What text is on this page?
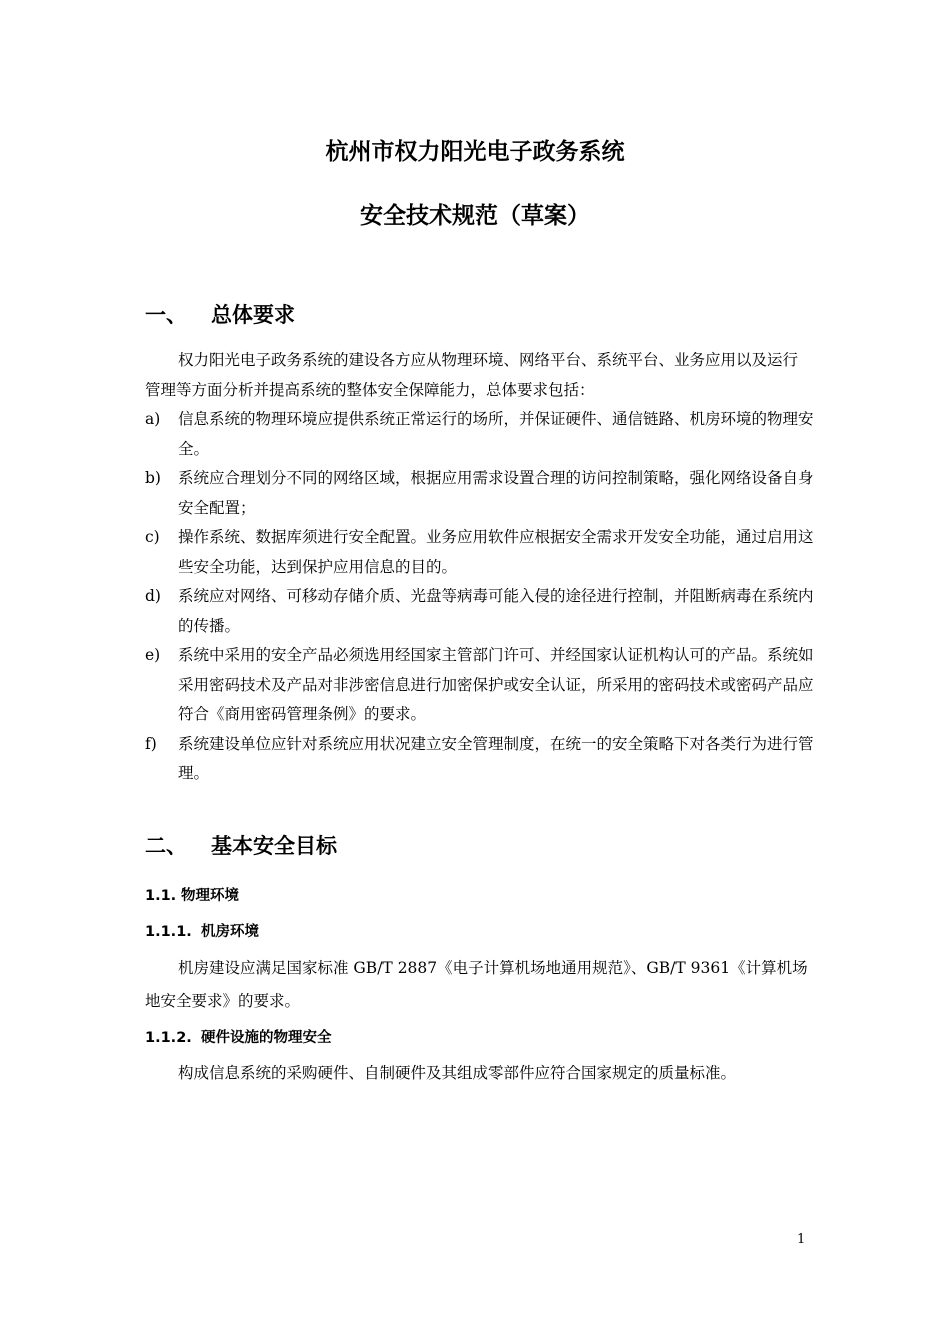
杭州市权力阳光电子政务系统
安全技术规范（草案）
一、 总体要求

权力阳光电子政务系统的建设各方应从物理环境、网络平台、系统平台、业务应用以及运行管理等方面分析并提高系统的整体安全保障能力，总体要求包括：

a) 信息系统的物理环境应提供系统正常运行的场所，并保证硬件、通信链路、机房环境的物理安全。
b) 系统应合理划分不同的网络区域，根据应用需求设置合理的访问控制策略，强化网络设备自身安全配置；
c) 操作系统、数据库须进行安全配置。业务应用软件应根据安全需求开发安全功能，通过启用这些安全功能，达到保护应用信息的目的。
d) 系统应对网络、可移动存储介质、光盘等病毒可能入侵的途径进行控制，并阻断病毒在系统内的传播。
e) 系统中采用的安全产品必须选用经国家主管部门许可、并经国家认证机构认可的产品。系统如采用密码技术及产品对非涉密信息进行加密保护或安全认证，所采用的密码技术或密码产品应符合《商用密码管理条例》的要求。
f) 系统建设单位应针对系统应用状况建立安全管理制度，在统一的安全策略下对各类行为进行管理。
二、 基本安全目标
1.1. 物理环境
1.1.1. 机房环境

机房建设应满足国家标准 GB/T 2887《电子计算机场地通用规范》、GB/T 9361《计算机场地安全要求》的要求。

1.1.2. 硬件设施的物理安全

构成信息系统的采购硬件、自制硬件及其组成零部件应符合国家规定的质量标准。

1
